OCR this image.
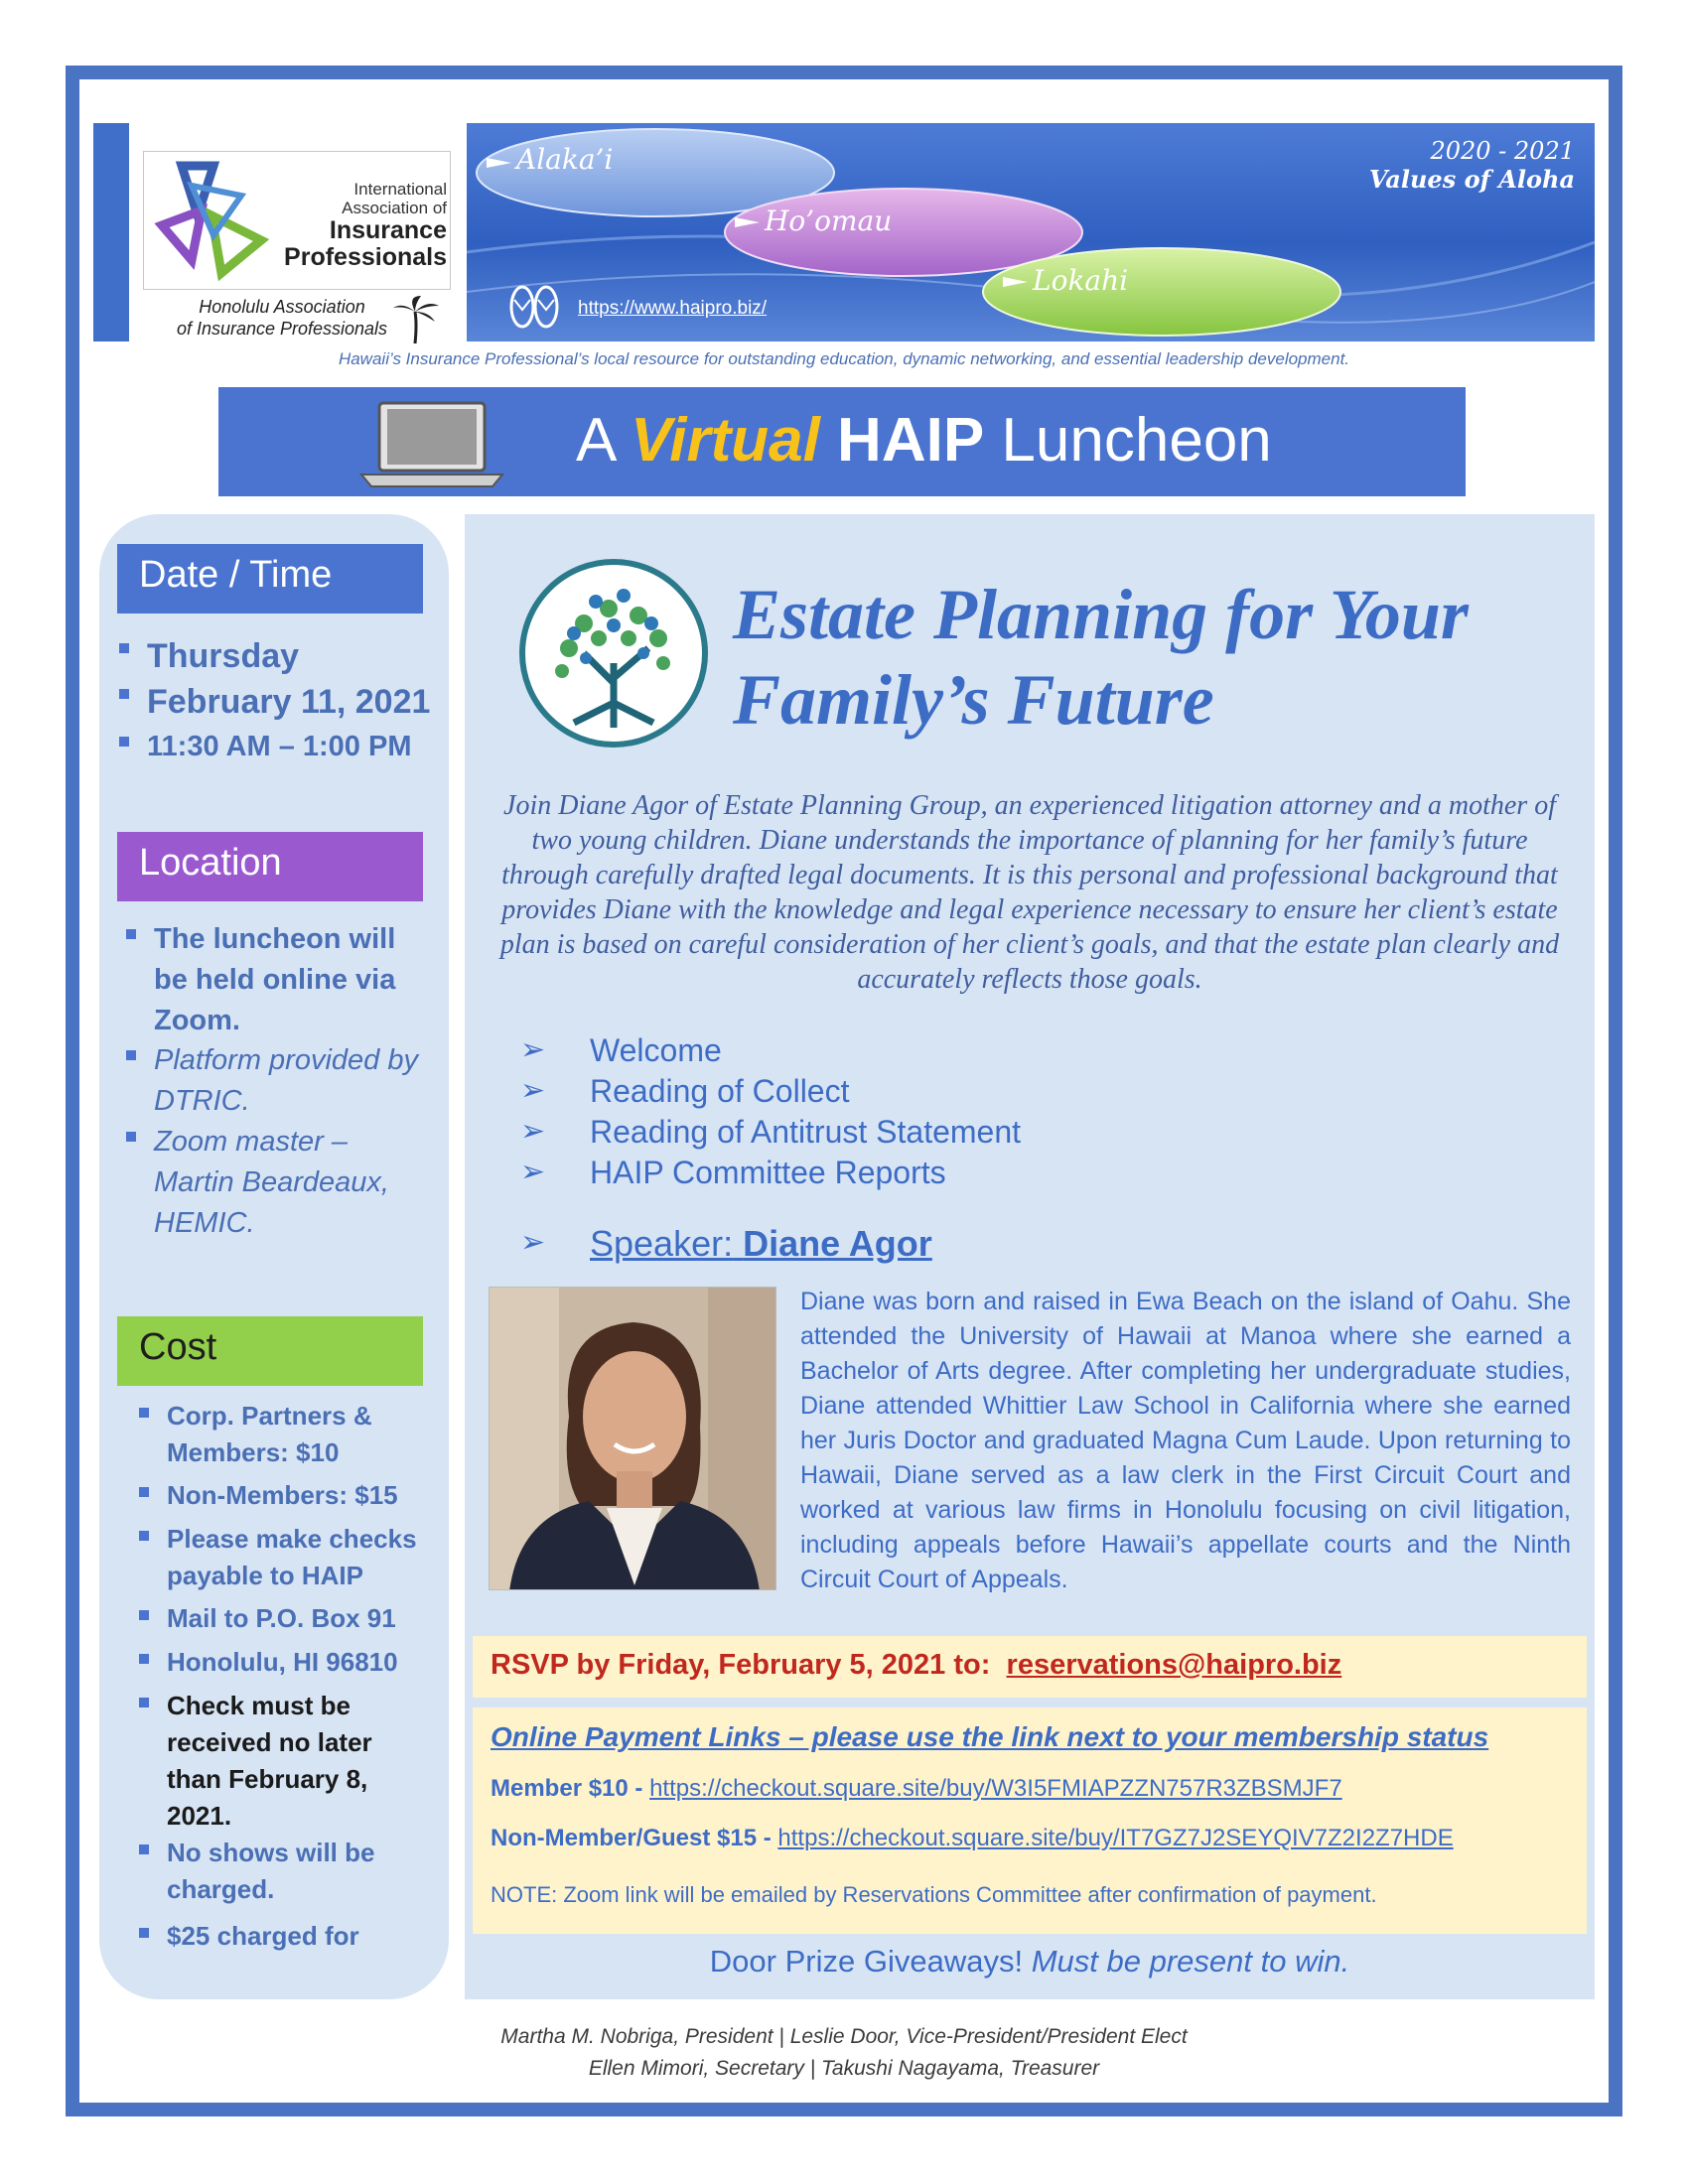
International
Association of
Insurance
Professionals
Honolulu Association
of Insurance Professionals
Alaka’i
Ho’omau
Lokahi
https://www.haipro.biz/
2020 - 2021
Values of Aloha
Hawaii’s Insurance Professional’s local resource for outstanding education, dynamic networking, and essential leadership development.
A Virtual HAIP Luncheon
Date / Time
Thursday
February 11, 2021
11:30 AM – 1:00 PM
Location
The luncheon will be held online via Zoom.
Platform provided by DTRIC.
Zoom master – Martin Beardeaux, HEMIC.
Cost
Corp. Partners & Members: $10
Non-Members: $15
Please make checks payable to HAIP
Mail to P.O. Box 91
Honolulu, HI 96810
Check must be received no later than February 8, 2021.
No shows will be charged.
$25 charged for
Estate Planning for Your Family’s Future
Join Diane Agor of Estate Planning Group, an experienced litigation attorney and a mother of two young children. Diane understands the importance of planning for her family’s future through carefully drafted legal documents. It is this personal and professional background that provides Diane with the knowledge and legal experience necessary to ensure her client’s estate plan is based on careful consideration of her client’s goals, and that the estate plan clearly and accurately reflects those goals.
➢ Welcome
➢ Reading of Collect
➢ Reading of Antitrust Statement
➢ HAIP Committee Reports
➢ Speaker: Diane Agor
Diane was born and raised in Ewa Beach on the island of Oahu. She attended the University of Hawaii at Manoa where she earned a Bachelor of Arts degree. After completing her undergraduate studies, Diane attended Whittier Law School in California where she earned her Juris Doctor and graduated Magna Cum Laude. Upon returning to Hawaii, Diane served as a law clerk in the First Circuit Court and worked at various law firms in Honolulu focusing on civil litigation, including appeals before Hawaii’s appellate courts and the Ninth Circuit Court of Appeals.
RSVP by Friday, February 5, 2021 to: reservations@haipro.biz
Online Payment Links – please use the link next to your membership status
Member $10 - https://checkout.square.site/buy/W3I5FMIAPZZN757R3ZBSMJF7
Non-Member/Guest $15 - https://checkout.square.site/buy/IT7GZ7J2SEYQIV7Z2I2Z7HDE
NOTE: Zoom link will be emailed by Reservations Committee after confirmation of payment.
Door Prize Giveaways! Must be present to win.
Martha M. Nobriga, President | Leslie Door, Vice-President/President Elect
Ellen Mimori, Secretary | Takushi Nagayama, Treasurer
